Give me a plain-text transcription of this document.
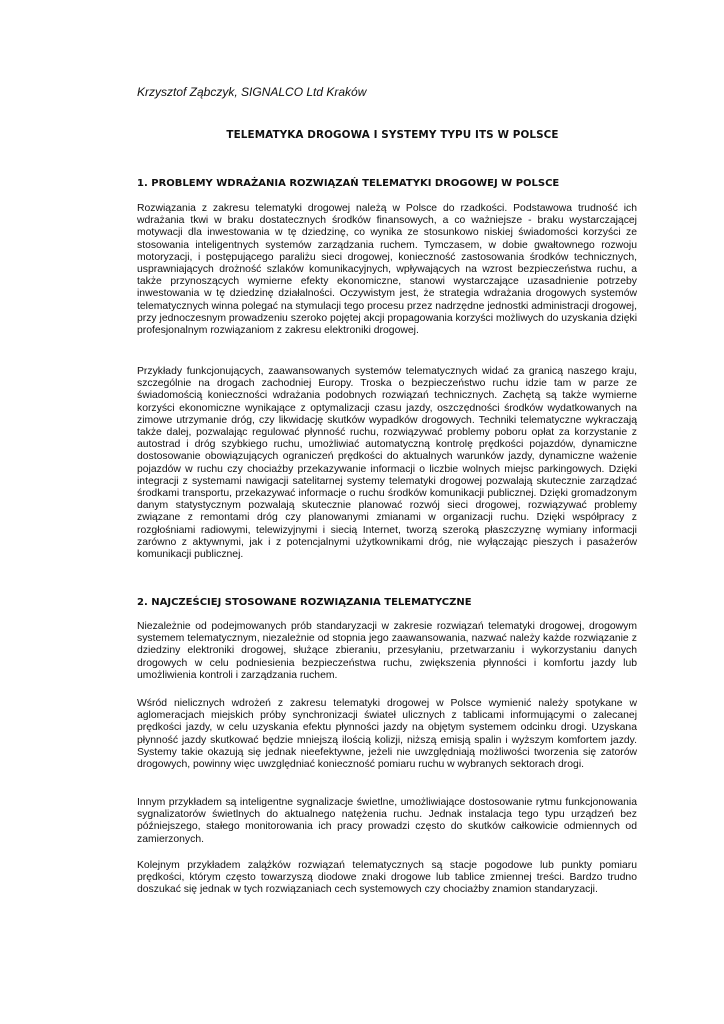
Krzysztof Ząbczyk, SIGNALCO Ltd Kraków

TELEMATYKA DROGOWA I SYSTEMY TYPU ITS W POLSCE
1. PROBLEMY WDRAŻANIA ROZWIĄZAŃ TELEMATYKI DROGOWEJ W POLSCE

Rozwiązania z zakresu telematyki drogowej należą w Polsce do rzadkości. Podstawowa trudność ich wdrażania tkwi w braku dostatecznych środków finansowych, a co ważniejsze - braku wystarczającej motywacji dla inwestowania w tę dziedzinę, co wynika ze stosunkowo niskiej świadomości korzyści ze stosowania inteligentnych systemów zarządzania ruchem. Tymczasem, w dobie gwałtownego rozwoju motoryzacji, i postępującego paraliżu sieci drogowej, konieczność zastosowania środków technicznych, usprawniających drożność szlaków komunikacyjnych, wpływających na wzrost bezpieczeństwa ruchu, a także przynoszących wymierne efekty ekonomiczne, stanowi wystarczające uzasadnienie potrzeby inwestowania w tę dziedzinę działalności. Oczywistym jest, że strategia wdrażania drogowych systemów telematycznych winna polegać na stymulacji tego procesu przez nadrzędne jednostki administracji drogowej, przy jednoczesnym prowadzeniu szeroko pojętej akcji propagowania korzyści możliwych do uzyskania dzięki profesjonalnym rozwiązaniom z zakresu elektroniki drogowej.

Przykłady funkcjonujących, zaawansowanych systemów telematycznych widać za granicą naszego kraju, szczególnie na drogach zachodniej Europy. Troska o bezpieczeństwo ruchu idzie tam w parze ze świadomością konieczności wdrażania podobnych rozwiązań technicznych. Zachętą są także wymierne korzyści ekonomiczne wynikające z optymalizacji czasu jazdy, oszczędności środków wydatkowanych na zimowe utrzymanie dróg, czy likwidację skutków wypadków drogowych. Techniki telematyczne wykraczają także dalej, pozwalając regulować płynność ruchu, rozwiązywać problemy poboru opłat za korzystanie z autostrad i dróg szybkiego ruchu, umożliwiać automatyczną kontrolę prędkości pojazdów, dynamiczne dostosowanie obowiązujących ograniczeń prędkości do aktualnych warunków jazdy, dynamiczne ważenie pojazdów w ruchu czy chociażby przekazywanie informacji o liczbie wolnych miejsc parkingowych. Dzięki integracji z systemami nawigacji satelitarnej systemy telematyki drogowej pozwalają skutecznie zarządzać środkami transportu, przekazywać informacje o ruchu środków komunikacji publicznej. Dzięki gromadzonym danym statystycznym pozwalają skutecznie planować rozwój sieci drogowej, rozwiązywać problemy związane z remontami dróg czy planowanymi zmianami w organizacji ruchu. Dzięki współpracy z rozgłośniami radiowymi, telewizyjnymi i siecią Internet, tworzą szeroką płaszczyznę wymiany informacji zarówno z aktywnymi, jak i z potencjalnymi użytkownikami dróg, nie wyłączając pieszych i pasażerów komunikacji publicznej.

2. NAJCZEŚCIEJ STOSOWANE ROZWIĄZANIA TELEMATYCZNE

Niezależnie od podejmowanych prób standaryzacji w zakresie rozwiązań telematyki drogowej, drogowym systemem telematycznym, niezależnie od stopnia jego zaawansowania, nazwać należy każde rozwiązanie z dziedziny elektroniki drogowej, służące zbieraniu, przesyłaniu, przetwarzaniu i wykorzystaniu danych drogowych w celu podniesienia bezpieczeństwa ruchu, zwiększenia płynności i komfortu jazdy lub umożliwienia kontroli i zarządzania ruchem.

Wśród nielicznych wdrożeń z zakresu telematyki drogowej w Polsce wymienić należy spotykane w aglomeracjach miejskich próby synchronizacji świateł ulicznych z tablicami informującymi o zalecanej prędkości jazdy, w celu uzyskania efektu płynności jazdy na objętym systemem odcinku drogi. Uzyskana płynność jazdy skutkować będzie mniejszą ilością kolizji, niższą emisją spalin i wyższym komfortem jazdy. Systemy takie okazują się jednak nieefektywne, jeżeli nie uwzględniają możliwości tworzenia się zatorów drogowych, powinny więc uwzględniać konieczność pomiaru ruchu w wybranych sektorach drogi.

Innym przykładem są inteligentne sygnalizacje świetlne, umożliwiające dostosowanie rytmu funkcjonowania sygnalizatorów świetlnych do aktualnego natężenia ruchu. Jednak instalacja tego typu urządzeń bez późniejszego, stałego monitorowania ich pracy prowadzi często do skutków całkowicie odmiennych od zamierzonych.

Kolejnym przykładem zalążków rozwiązań telematycznych są stacje pogodowe lub punkty pomiaru prędkości, którym często towarzyszą diodowe znaki drogowe lub tablice zmiennej treści. Bardzo trudno doszukać się jednak w tych rozwiązaniach cech systemowych czy chociażby znamion standaryzacji.
